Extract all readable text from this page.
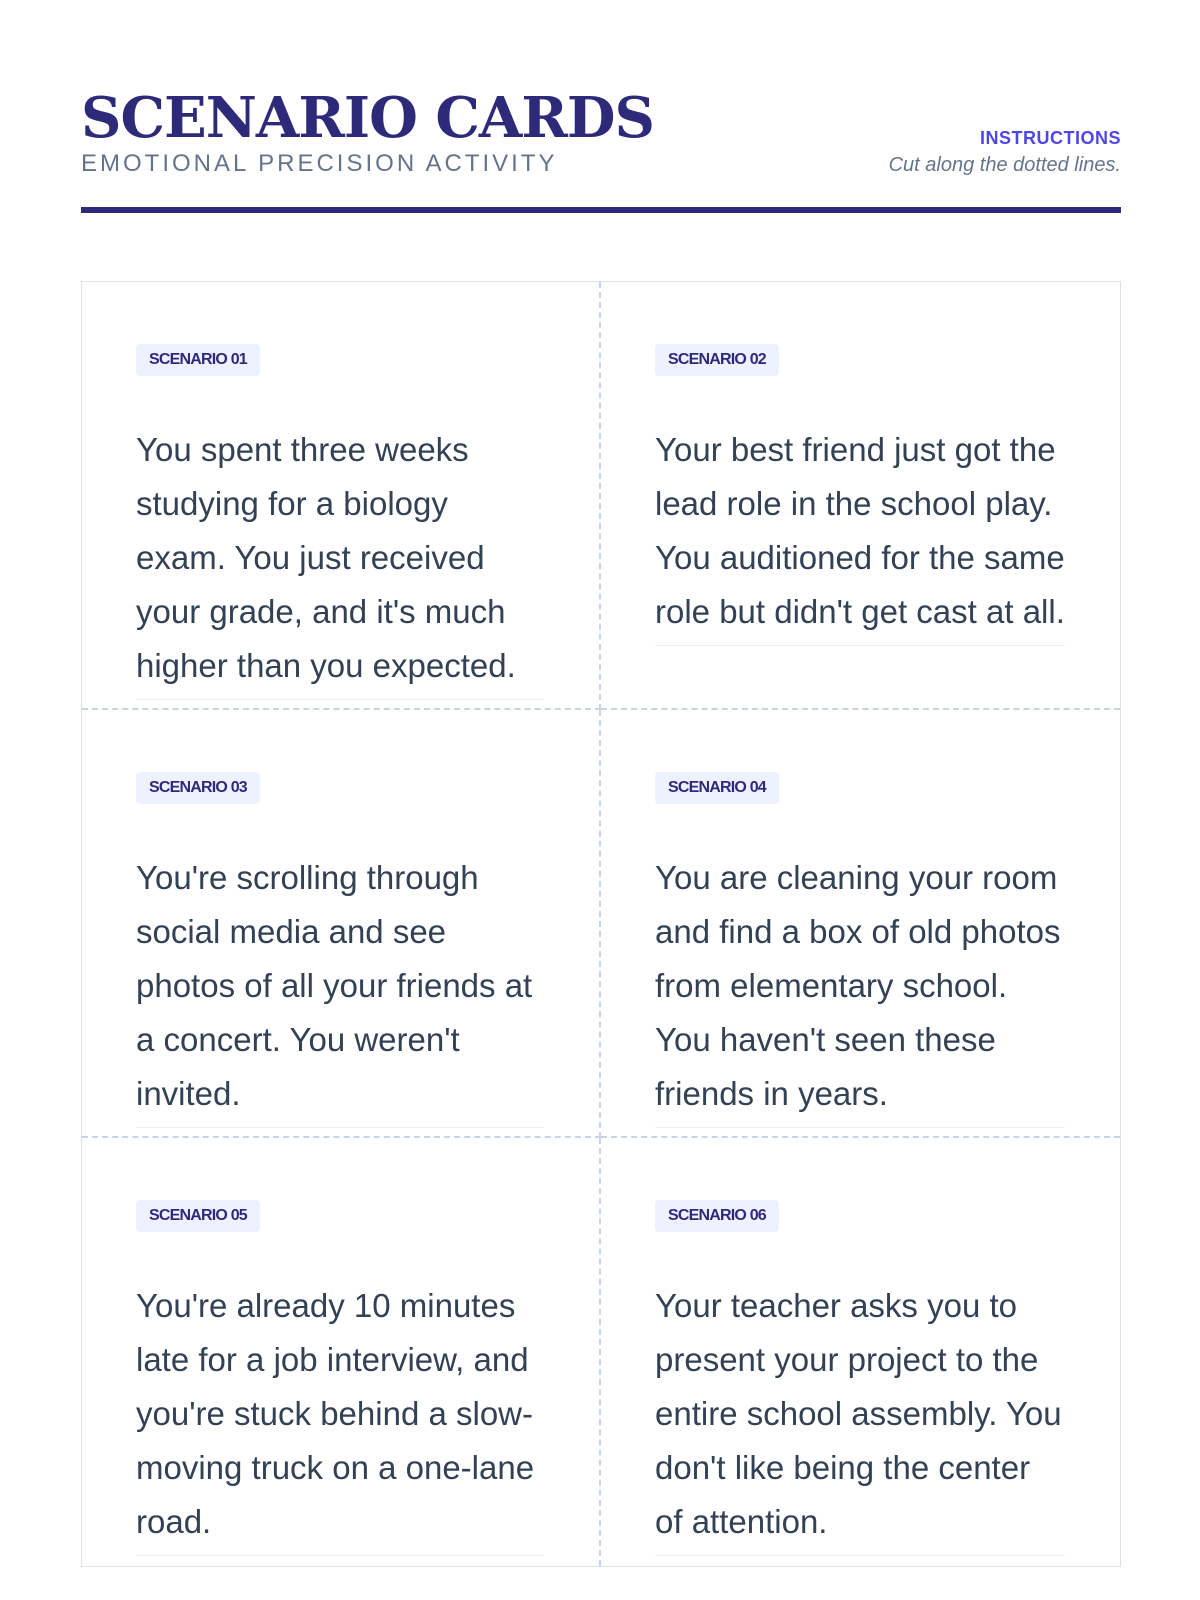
SCENARIO CARDS
EMOTIONAL PRECISION ACTIVITY
INSTRUCTIONS
Cut along the dotted lines.
SCENARIO 01

You spent three weeks studying for a biology exam. You just received your grade, and it's much higher than you expected.

SCENARIO 02

Your best friend just got the lead role in the school play. You auditioned for the same role but didn't get cast at all.

SCENARIO 03

You're scrolling through social media and see photos of all your friends at a concert. You weren't invited.

SCENARIO 04

You are cleaning your room and find a box of old photos from elementary school. You haven't seen these friends in years.

SCENARIO 05

You're already 10 minutes late for a job interview, and you're stuck behind a slow-moving truck on a one-lane road.

SCENARIO 06

Your teacher asks you to present your project to the entire school assembly. You don't like being the center of attention.
